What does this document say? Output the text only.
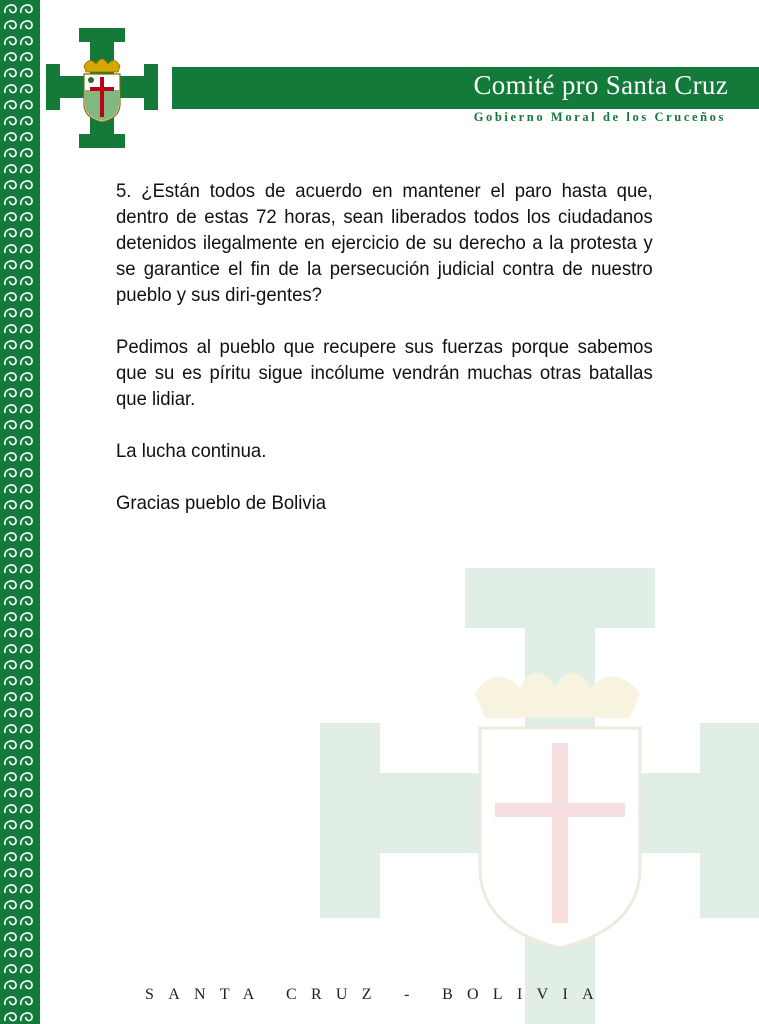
Comité pro Santa Cruz
Gobierno Moral de los Cruceños

5. ¿Están todos de acuerdo en mantener el paro hasta que, dentro de estas 72 horas, sean liberados todos los ciudadanos detenidos ilegalmente en ejercicio de su derecho a la protesta y se garantice el fin de la persecución judicial contra de nuestro pueblo y sus diri-gentes?

Pedimos al pueblo que recupere sus fuerzas porque sabemos que su es píritu sigue incólume vendrán muchas otras batallas que lidiar.

La lucha continua.

Gracias pueblo de Bolivia

SANTA CRUZ - BOLIVIA
